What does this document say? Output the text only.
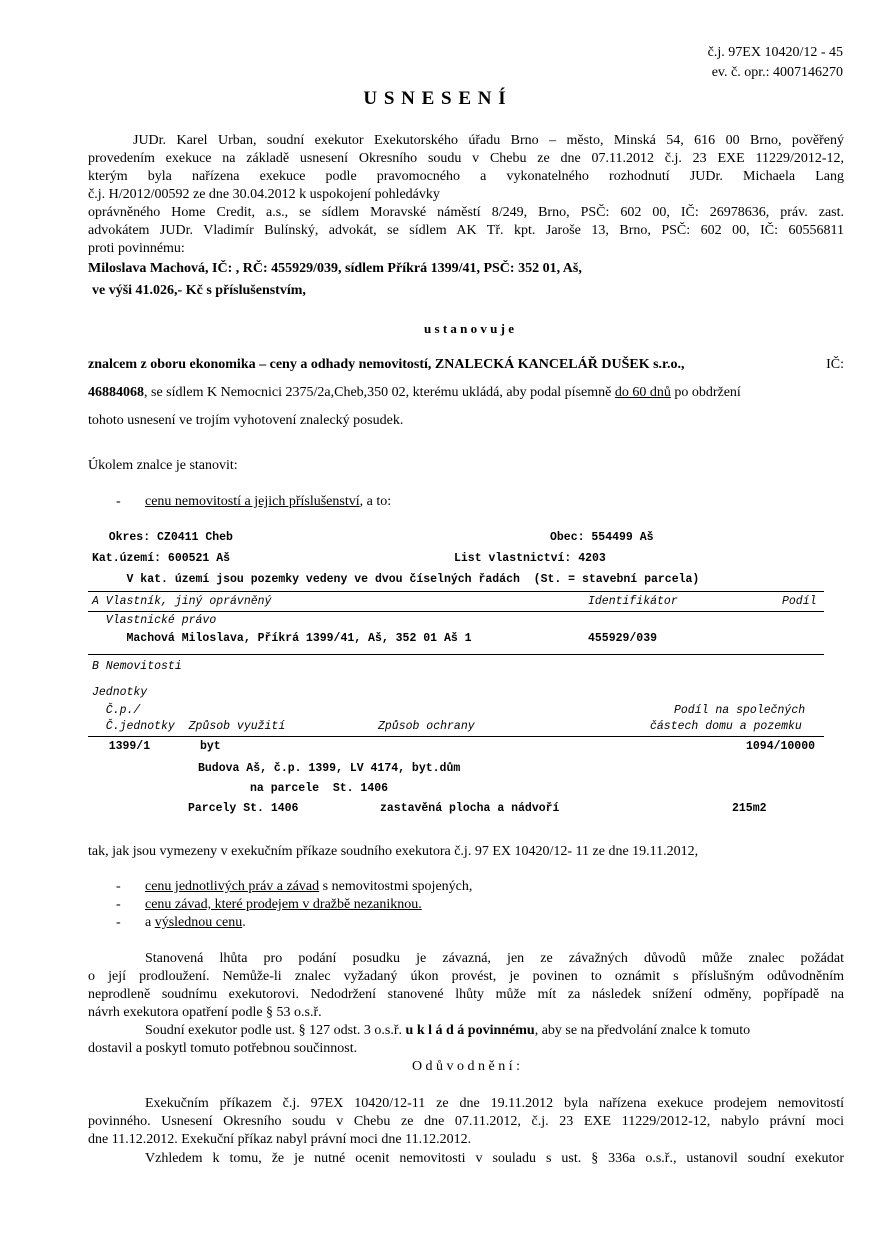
č.j. 97EX 10420/12 - 45
ev. č. opr.: 4007146270
U S N E S E N Í
JUDr. Karel Urban, soudní exekutor Exekutorského úřadu Brno – město, Minská 54, 616 00 Brno, pověřený
provedením exekuce na základě usnesení Okresního soudu v Chebu ze dne 07.11.2012 č.j. 23 EXE 11229/2012-12,
kterým byla nařízena exekuce podle pravomocného a vykonatelného rozhodnutí JUDr. Michaela Lang
č.j. H/2012/00592 ze dne 30.04.2012 k uspokojení pohledávky
oprávněného Home Credit, a.s., se sídlem Moravské náměstí 8/249, Brno, PSČ: 602 00, IČ: 26978636, práv. zast.
advokátem JUDr. Vladimír Bulínský, advokát, se sídlem AK Tř. kpt. Jaroše 13, Brno, PSČ: 602 00, IČ: 60556811
proti povinnému:
Miloslava Machová, IČ: , RČ: 455929/039, sídlem Příkrá 1399/41, PSČ: 352 01, Aš,
ve výši 41.026,- Kč s příslušenstvím,
u s t a n o v u j e
znalcem z oboru ekonomika – ceny a odhady nemovitostí, ZNALECKÁ KANCELÁŘ DUŠEK s.r.o.,	IČ:
46884068, se sídlem K Nemocnici 2375/2a,Cheb,350 02, kterému ukládá, aby podal písemně do 60 dnů po obdržení
tohoto usnesení ve trojím vyhotovení znalecký posudek.
Úkolem znalce je stanovit:
- cenu nemovitostí a jejich příslušenství, a to:
Okres: CZ0411 Cheb	Obec: 554499 Aš
Kat.území: 600521 Aš	List vlastnictví: 4203
V kat. území jsou pozemky vedeny ve dvou číselných řadách  (St. = stavební parcela)
A Vlastník, jiný oprávněný	Identifikátor	Podíl
Vlastnické právo
Machová Miloslava, Příkrá 1399/41, Aš, 352 01 Aš 1	455929/039
B Nemovitosti
Jednotky
Č.p./	Podíl na společných
Č.jednotky  Způsob využití	Způsob ochrany	částech domu a pozemku
1399/1	byt	1094/10000
Budova Aš, č.p. 1399, LV 4174, byt.dům
na parcele  St. 1406
Parcely St. 1406	zastavěná plocha a nádvoří	215m2
tak, jak jsou vymezeny v exekučním příkaze soudního exekutora č.j. 97 EX 10420/12- 11 ze dne 19.11.2012,
- cenu jednotlivých práv a závad s nemovitostmi spojených,
- cenu závad, které prodejem v dražbě nezaniknou.
- a výslednou cenu.
Stanovená lhůta pro podání posudku je závazná, jen ze závažných důvodů může znalec požádat
o její prodloužení. Nemůže-li znalec vyžadaný úkon provést, je povinen to oznámit s příslušným odůvodněním
neprodleně soudnímu exekutorovi. Nedodržení stanovené lhůty může mít za následek snížení odměny, popřípadě na
návrh exekutora opatření podle § 53 o.s.ř.
Soudní exekutor podle ust. § 127 odst. 3 o.s.ř. u k l á d á povinnému, aby se na předvolání znalce k tomuto
dostavil a poskytl tomuto potřebnou součinnost.
O d ů v o d n ě n í :
Exekučním příkazem č.j. 97EX 10420/12-11 ze dne 19.11.2012 byla nařízena exekuce prodejem nemovitostí
povinného. Usnesení Okresního soudu v Chebu ze dne 07.11.2012, č.j. 23 EXE 11229/2012-12, nabylo právní moci
dne 11.12.2012. Exekuční příkaz nabyl právní moci dne 11.12.2012.
Vzhledem k tomu, že je nutné ocenit nemovitosti v souladu s ust. § 336a o.s.ř., ustanovil soudní exekutor
